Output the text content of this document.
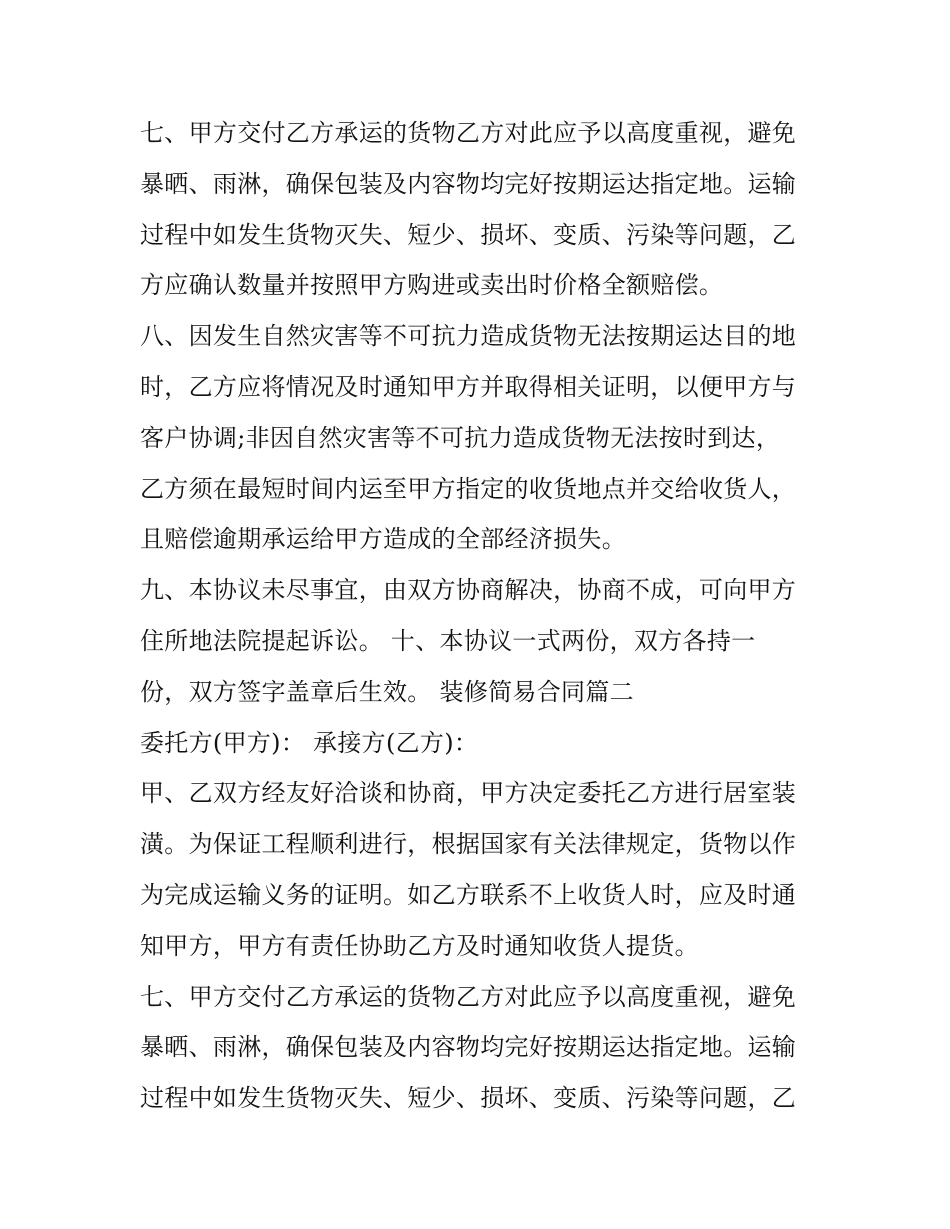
七、甲方交付乙方承运的货物乙方对此应予以高度重视，避免
暴晒、雨淋，确保包装及内容物均完好按期运达指定地。运输
过程中如发生货物灭失、短少、损坏、变质、污染等问题，乙
方应确认数量并按照甲方购进或卖出时价格全额赔偿。
八、因发生自然灾害等不可抗力造成货物无法按期运达目的地
时，乙方应将情况及时通知甲方并取得相关证明，以便甲方与
客户协调;非因自然灾害等不可抗力造成货物无法按时到达，
乙方须在最短时间内运至甲方指定的收货地点并交给收货人，
且赔偿逾期承运给甲方造成的全部经济损失。
九、本协议未尽事宜，由双方协商解决，协商不成，可向甲方
住所地法院提起诉讼。 十、本协议一式两份，双方各持一
份，双方签字盖章后生效。 装修简易合同篇二
委托方(甲方)： 承接方(乙方)：
甲、乙双方经友好洽谈和协商，甲方决定委托乙方进行居室装
潢。为保证工程顺利进行，根据国家有关法律规定，货物以作
为完成运输义务的证明。如乙方联系不上收货人时，应及时通
知甲方，甲方有责任协助乙方及时通知收货人提货。
七、甲方交付乙方承运的货物乙方对此应予以高度重视，避免
暴晒、雨淋，确保包装及内容物均完好按期运达指定地。运输
过程中如发生货物灭失、短少、损坏、变质、污染等问题，乙
